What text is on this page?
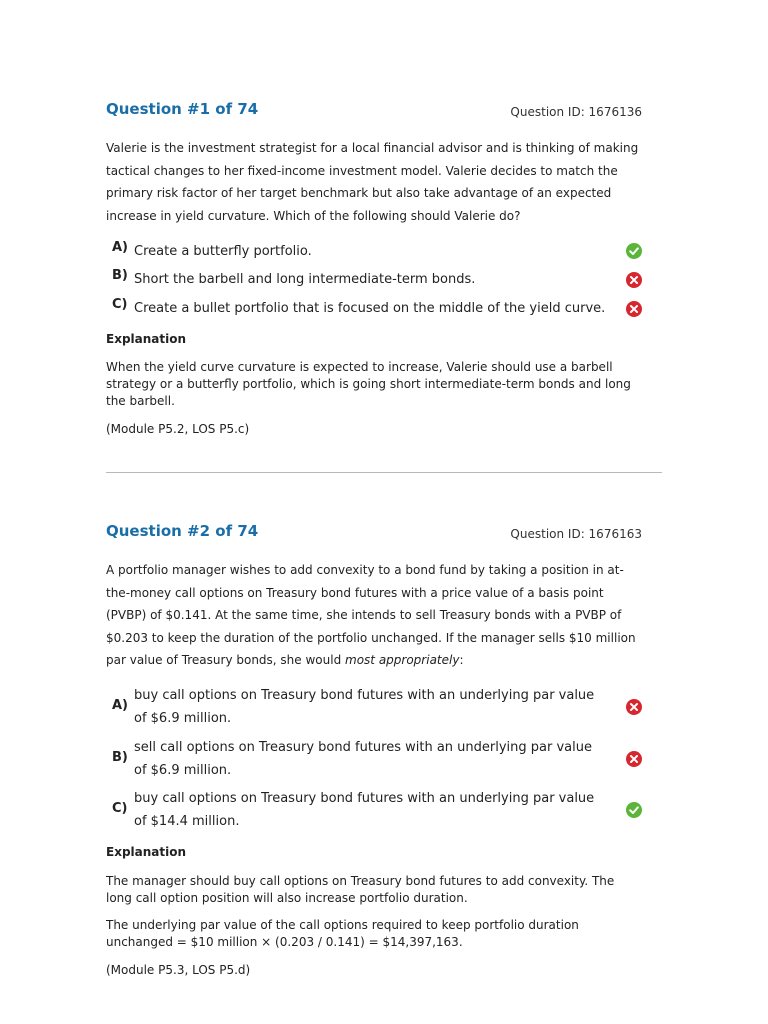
Question #1 of 74	Question ID: 1676136
Valerie is the investment strategist for a local financial advisor and is thinking of making tactical changes to her fixed-income investment model. Valerie decides to match the primary risk factor of her target benchmark but also take advantage of an expected increase in yield curvature. Which of the following should Valerie do?
A) Create a butterfly portfolio.
B) Short the barbell and long intermediate-term bonds.
C) Create a bullet portfolio that is focused on the middle of the yield curve.
Explanation
When the yield curve curvature is expected to increase, Valerie should use a barbell strategy or a butterfly portfolio, which is going short intermediate-term bonds and long the barbell.
(Module P5.2, LOS P5.c)
Question #2 of 74	Question ID: 1676163
A portfolio manager wishes to add convexity to a bond fund by taking a position in at-the-money call options on Treasury bond futures with a price value of a basis point (PVBP) of $0.141. At the same time, she intends to sell Treasury bonds with a PVBP of $0.203 to keep the duration of the portfolio unchanged. If the manager sells $10 million par value of Treasury bonds, she would most appropriately:
A)
buy call options on Treasury bond futures with an underlying par value of $6.9 million.
B)
sell call options on Treasury bond futures with an underlying par value of $6.9 million.
C)
buy call options on Treasury bond futures with an underlying par value of $14.4 million.
Explanation
The manager should buy call options on Treasury bond futures to add convexity. The long call option position will also increase portfolio duration.
The underlying par value of the call options required to keep portfolio duration unchanged = $10 million × (0.203 / 0.141) = $14,397,163.
(Module P5.3, LOS P5.d)
